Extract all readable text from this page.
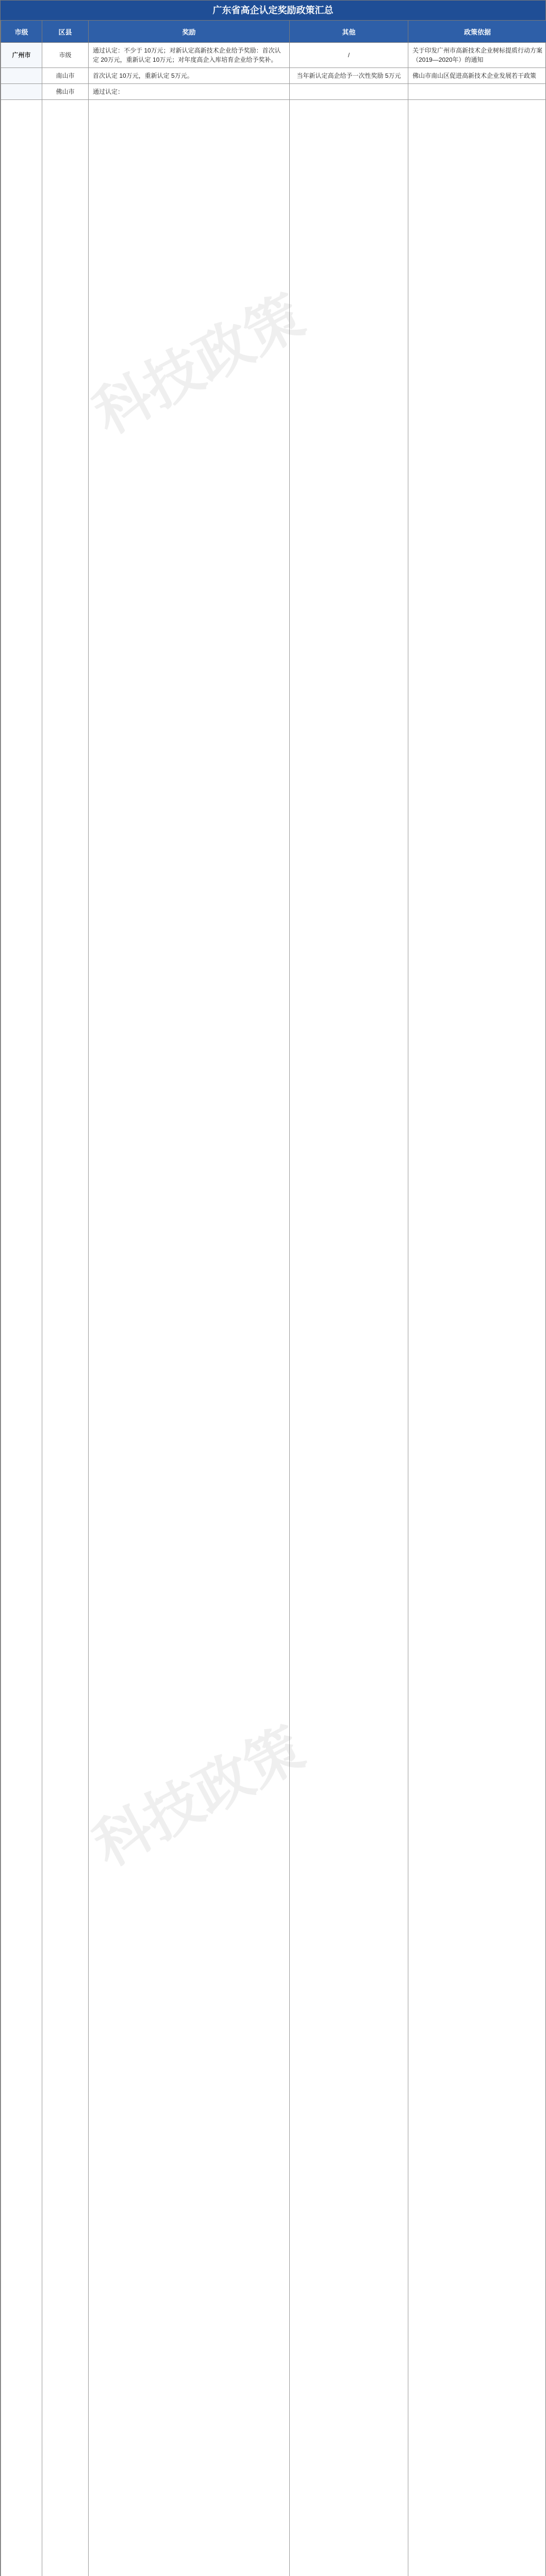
广东省高企认定奖励政策汇总
市级	区县	奖励	其他	政策依据
广州市	市级	通过认定：不少于 10万元；对新认定高新技术企业给予奖励：首次认定 20万元，重新认定 10万元；对年度高企入库培育企业给予奖补。	/	关于印发广州市高新技术企业树标提质行动方案（2019—2020年）的通知
	南山市	首次认定 10万元，重新认定 5万元。	当年新认定高企给予一次性奖励 5万元	佛山市南山区促进高新技术企业发展若干政策
	佛山市	通过认定：		

科技政策
科技政策
